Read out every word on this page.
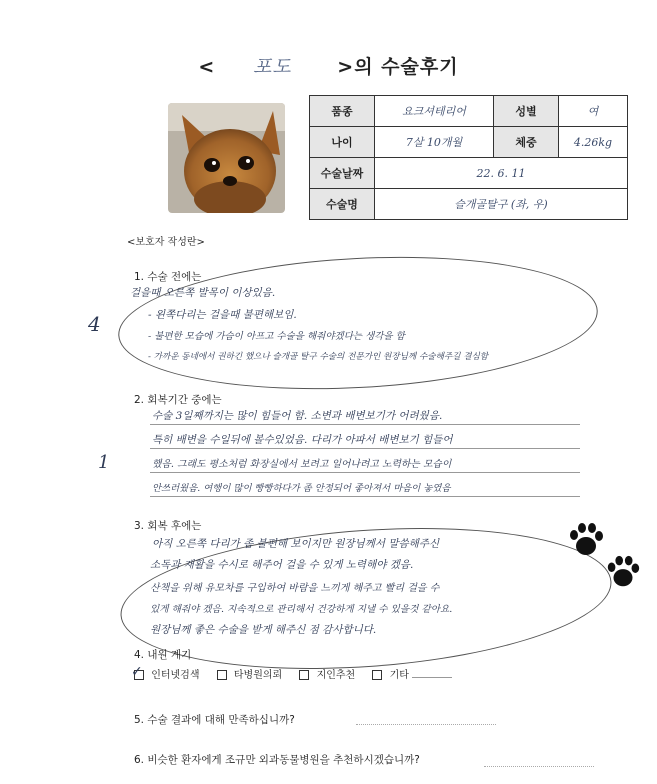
< 포도 >의 수술후기
품종	요크셔테리어	성별	여
나이	7살 10개월	체중	4.26kg
수술날짜	22. 6. 11		
수술명	슬개골탈구 (좌, 우)		
<보호자 작성란>
1. 수술 전에는
걸을때 오른쪽 발목이 이상있음.
- 왼쪽다리는 걸을때 불편해보임.
- 불편한 모습에 가슴이 아프고 수술을 해줘야겠다는 생각을 함
- 가까운 동네에서 권하긴 했으나 슬개골 탈구 수술의 전문가인 원장님께 수술해주길 결심함
4
2. 회복기간 중에는
수술 3일째까지는 많이 힘들어 함. 소변과 배변보기가 어려웠음.
특히 배변을 수일뒤에 볼수있었음. 다리가 아파서 배변보기 힘들어
했음. 그래도 평소처럼 화장실에서 보려고 일어나려고 노력하는 모습이
안쓰러웠음. 여행이 많이 빵빵하다가 좀 안정되어 좋아져서 마음이 놓였음
1
3. 회복 후에는
아직 오른쪽 다리가 좀 불편해 보이지만 원장님께서 말씀해주신
소독과 재활을 수시로 해주어 걸을 수 있게 노력해야 겠음.
산책을 위해 유모차를 구입하여 바람을 느끼게 해주고 빨리 걸을 수
있게 해줘야 겠음. 지속적으로 관리해서 건강하게 지낼 수 있을것 같아요.
원장님께 좋은 수술을 받게 해주신 점 감사합니다.
4. 내원 계기

✓ 인터넷검색	타병원의뢰	지인추천	기타
5. 수술 결과에 대해 만족하십니까?
6. 비슷한 환자에게 조규만 외과동물병원을 추천하시겠습니까?
